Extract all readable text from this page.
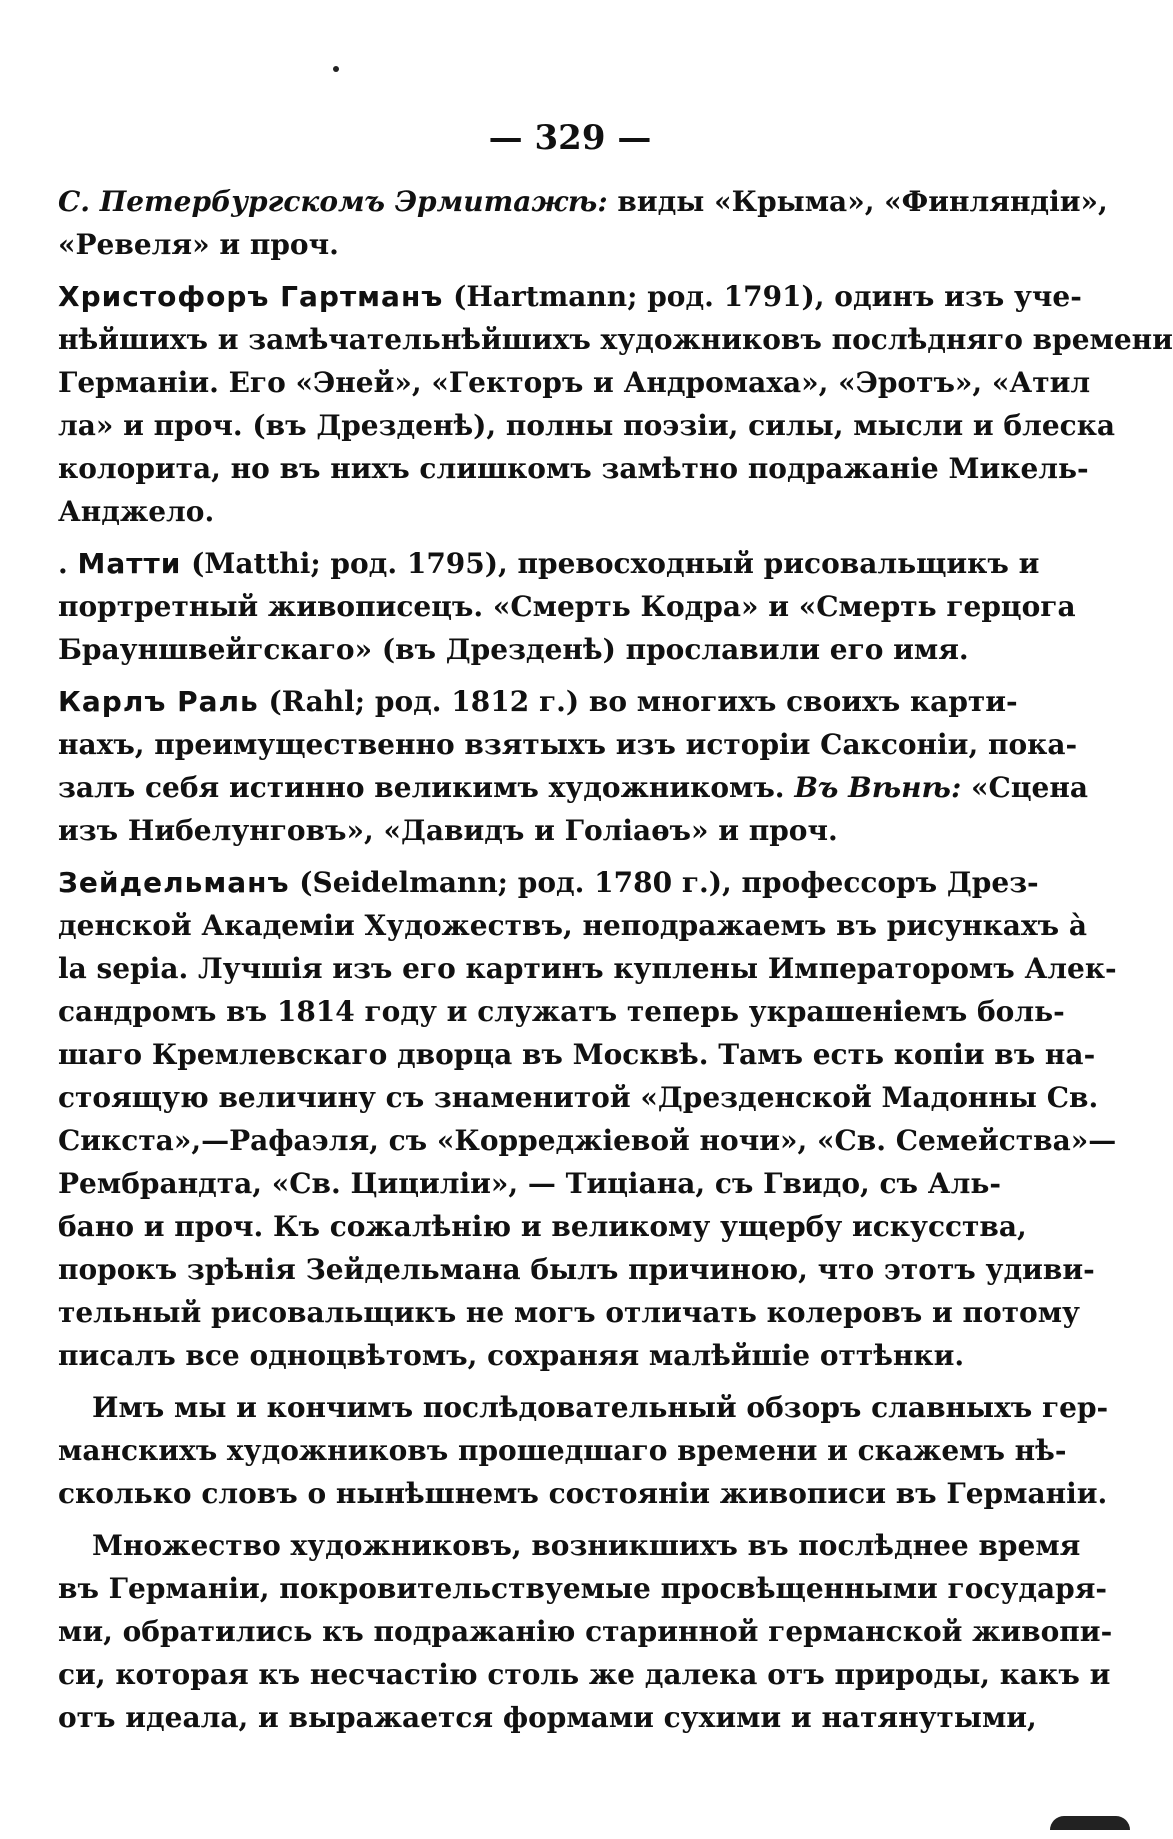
— 329 —
С. Петербургскомъ Эрмитажѣ: виды «Крыма», «Финляндіи»,
«Ревеля» и проч.
Христофоръ Гартманъ (Hartmann; род. 1791), одинъ изъ уче-
нѣйшихъ и замѣчательнѣйшихъ художниковъ послѣдняго времени
Германіи. Его «Эней», «Гекторъ и Андромаха», «Эротъ», «Атил
ла» и проч. (въ Дрезденѣ), полны поэзіи, силы, мысли и блеска
колорита, но въ нихъ слишкомъ замѣтно подражаніе Микель-
Анджело.
. Матти (Matthi; род. 1795), превосходный рисовальщикъ и
портретный живописецъ. «Смерть Кодра» и «Смерть герцога
Брауншвейгскаго» (въ Дрезденѣ) прославили его имя.
Карлъ Раль (Rahl; род. 1812 г.) во многихъ своихъ карти-
нахъ, преимущественно взятыхъ изъ исторіи Саксоніи, пока-
залъ себя истинно великимъ художникомъ. Въ Вѣнѣ: «Сцена
изъ Нибелунговъ», «Давидъ и Голіаѳъ» и проч.
Зейдельманъ (Seidelmann; род. 1780 г.), профессоръ Дрез-
денской Академіи Художествъ, неподражаемъ въ рисункахъ à
la sepia. Лучшія изъ его картинъ куплены Императоромъ Алек-
сандромъ въ 1814 году и служатъ теперь украшеніемъ боль-
шаго Кремлевскаго дворца въ Москвѣ. Тамъ есть копіи въ на-
стоящую величину съ знаменитой «Дрезденской Мадонны Св.
Сикста»,—Рафаэля, съ «Корреджіевой ночи», «Св. Семейства»—
Рембрандта, «Св. Цициліи», — Тиціана, съ Гвидо, съ Аль-
бано и проч. Къ сожалѣнію и великому ущербу искусства,
порокъ зрѣнія Зейдельмана былъ причиною, что этотъ удиви-
тельный рисовальщикъ не могъ отличать колеровъ и потому
писалъ все одноцвѣтомъ, сохраняя малѣйшіе оттѣнки.
Имъ мы и кончимъ послѣдовательный обзоръ славныхъ гер-
манскихъ художниковъ прошедшаго времени и скажемъ нѣ-
сколько словъ о нынѣшнемъ состояніи живописи въ Германіи.
Множество художниковъ, возникшихъ въ послѣднее время
въ Германіи, покровительствуемые просвѣщенными государя-
ми, обратились къ подражанію старинной германской живопи-
си, которая къ несчастію столь же далека отъ природы, какъ и
отъ идеала, и выражается формами сухими и натянутыми,
